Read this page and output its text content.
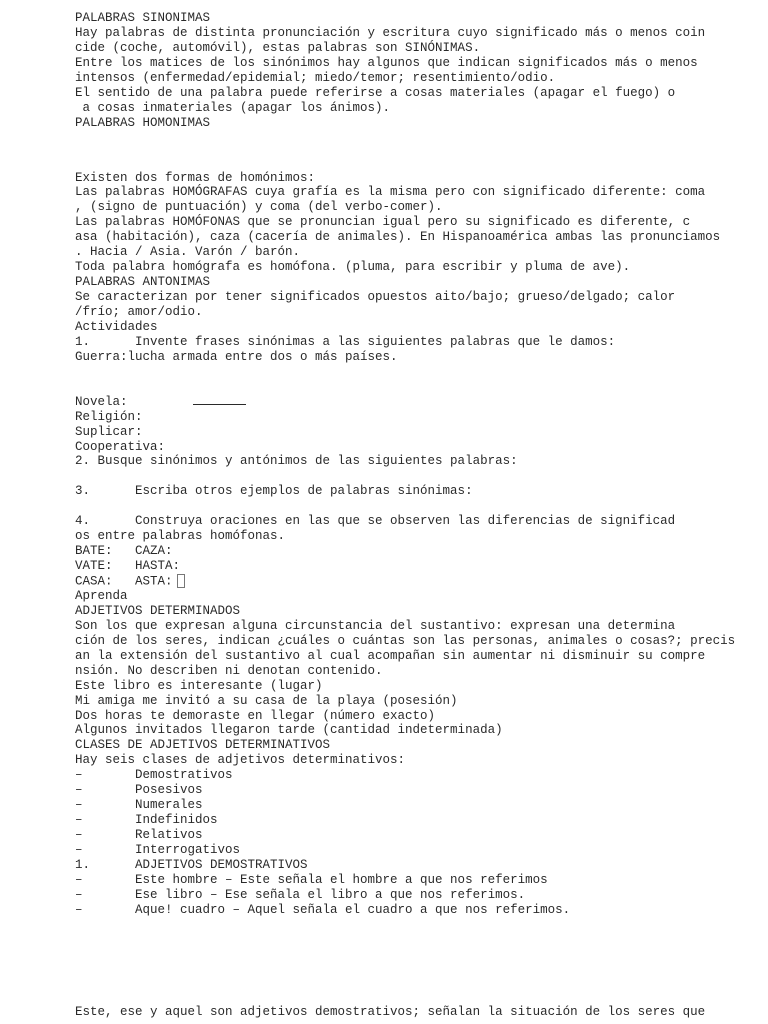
PALABRAS SINONIMAS
Hay palabras de distinta pronunciación y escritura cuyo significado más o menos coin
cide (coche, automóvil), estas palabras son SINÓNIMAS.
Entre los matices de los sinónimos hay algunos que indican significados más o menos
intensos (enfermedad/epidemial; miedo/temor; resentimiento/odio.
El sentido de una palabra puede referirse a cosas materiales (apagar el fuego) o
a cosas inmateriales (apagar los ánimos).
PALABRAS HOMONIMAS
Existen dos formas de homónimos:
Las palabras HOMÓGRAFAS cuya grafía es la misma pero con significado diferente: coma
, (signo de puntuación) y coma (del verbo-comer).
Las palabras HOMÓFONAS que se pronuncian igual pero su significado es diferente, c
asa (habitación), caza (cacería de animales). En Hispanoamérica ambas las pronunciamos
. Hacia / Asia. Varón / barón.
Toda palabra homógrafa es homófona. (pluma, para escribir y pluma de ave).
PALABRAS ANTONIMAS
Se caracterizan por tener significados opuestos aito/bajo; grueso/delgado; calor
/frío; amor/odio.
Actividades
1.      Invente frases sinónimas a las siguientes palabras que le damos:
Guerra:lucha armada entre dos o más países.
Novela:
Religión:
Suplicar:
Cooperativa:
2. Busque sinónimos y antónimos de las siguientes palabras:
3.      Escriba otros ejemplos de palabras sinónimas:
4.      Construya oraciones en las que se observen las diferencias de significad
os entre palabras homófonas.
BATE:   CAZA:
VATE:   HASTA:
CASA:   ASTA:
Aprenda
ADJETIVOS DETERMINADOS
Son los que expresan alguna circunstancia del sustantivo: expresan una determina
ción de los seres, indican ¿cuáles o cuántas son las personas, animales o cosas?; precis
an la extensión del sustantivo al cual acompañan sin aumentar ni disminuir su compre
nsión. No describen ni denotan contenido.
Este libro es interesante (lugar)
Mi amiga me invitó a su casa de la playa (posesión)
Dos horas te demoraste en llegar (número exacto)
Algunos invitados llegaron tarde (cantidad indeterminada)
CLASES DE ADJETIVOS DETERMINATIVOS
Hay seis clases de adjetivos determinativos:
–       Demostrativos
–       Posesivos
–       Numerales
–       Indefinidos
–       Relativos
–       Interrogativos
1.      ADJETIVOS DEMOSTRATIVOS
–       Este hombre – Este señala el hombre a que nos referimos
–       Ese libro – Ese señala el libro a que nos referimos.
–       Aque! cuadro – Aquel señala el cuadro a que nos referimos.
Este, ese y aquel son adjetivos demostrativos; señalan la situación de los seres que
